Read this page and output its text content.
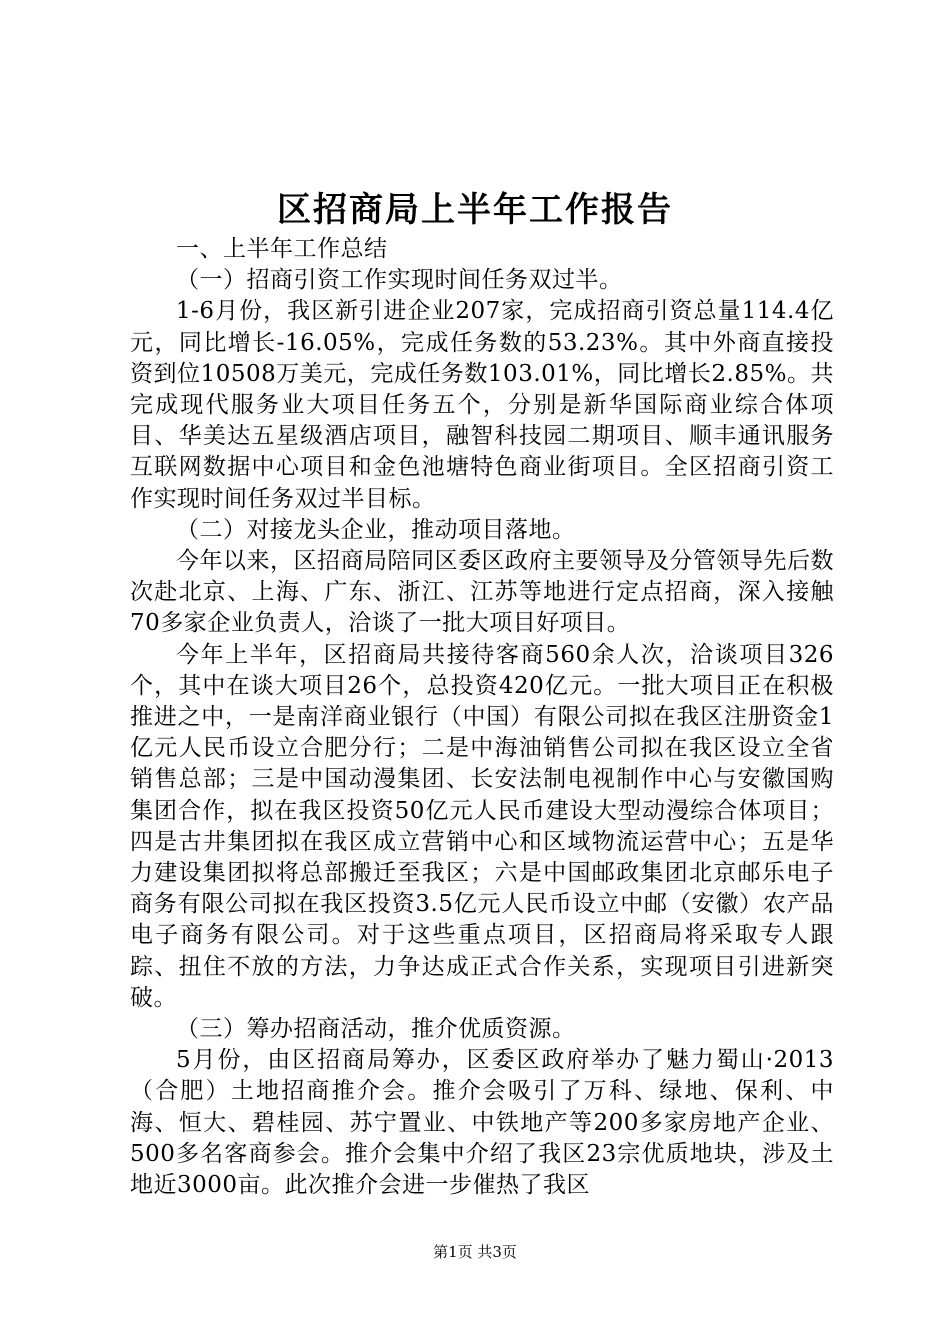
区招商局上半年工作报告

一、上半年工作总结

（一）招商引资工作实现时间任务双过半。

1-6月份，我区新引进企业207家，完成招商引资总量114.4亿元，同比增长-16.05%，完成任务数的53.23%。其中外商直接投资到位10508万美元，完成任务数103.01%，同比增长2.85%。共完成现代服务业大项目任务五个，分别是新华国际商业综合体项目、华美达五星级酒店项目，融智科技园二期项目、顺丰通讯服务互联网数据中心项目和金色池塘特色商业街项目。全区招商引资工作实现时间任务双过半目标。

（二）对接龙头企业，推动项目落地。

今年以来，区招商局陪同区委区政府主要领导及分管领导先后数次赴北京、上海、广东、浙江、江苏等地进行定点招商，深入接触70多家企业负责人，洽谈了一批大项目好项目。

今年上半年，区招商局共接待客商560余人次，洽谈项目326个，其中在谈大项目26个，总投资420亿元。一批大项目正在积极推进之中，一是南洋商业银行（中国）有限公司拟在我区注册资金1亿元人民币设立合肥分行；二是中海油销售公司拟在我区设立全省销售总部；三是中国动漫集团、长安法制电视制作中心与安徽国购集团合作，拟在我区投资50亿元人民币建设大型动漫综合体项目；四是古井集团拟在我区成立营销中心和区域物流运营中心；五是华力建设集团拟将总部搬迁至我区；六是中国邮政集团北京邮乐电子商务有限公司拟在我区投资3.5亿元人民币设立中邮（安徽）农产品电子商务有限公司。对于这些重点项目，区招商局将采取专人跟踪、扭住不放的方法，力争达成正式合作关系，实现项目引进新突破。

（三）筹办招商活动，推介优质资源。

5月份，由区招商局筹办，区委区政府举办了魅力蜀山·2013（合肥）土地招商推介会。推介会吸引了万科、绿地、保利、中海、恒大、碧桂园、苏宁置业、中铁地产等200多家房地产企业、500多名客商参会。推介会集中介绍了我区23宗优质地块，涉及土地近3000亩。此次推介会进一步催热了我区

第1页 共3页
